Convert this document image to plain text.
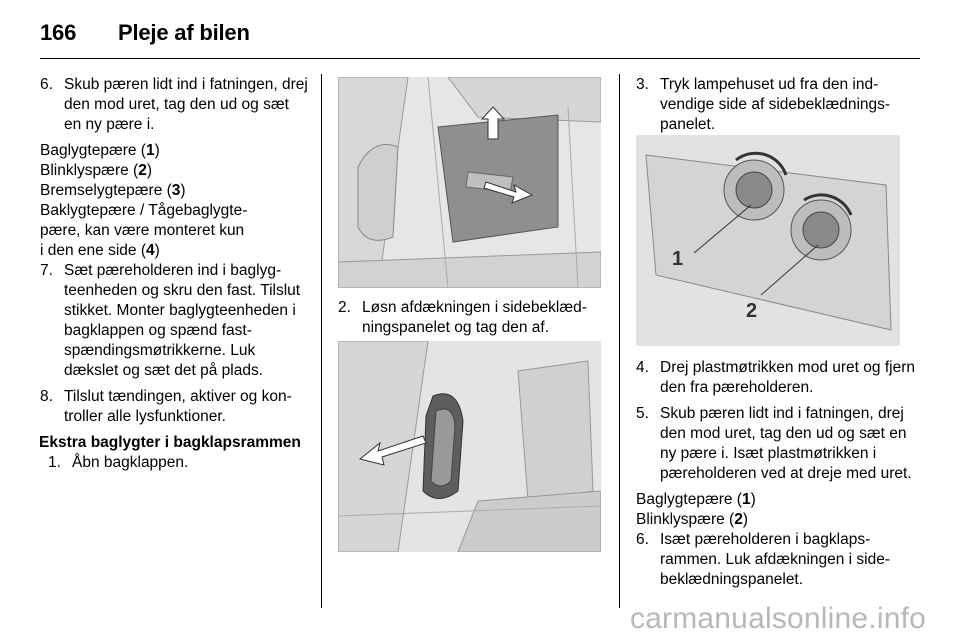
166 Pleje af bilen
6. Skub pæren lidt ind i fatningen, drej den mod uret, tag den ud og sæt en ny pære i.

Baglygtepære (1)

Blinklyspære (2)

Bremselygtepære (3)

Baklygtepære / Tågebaglygtepære, kan være monteret kun i den ene side (4)

7. Sæt pæreholderen ind i baglygteenheden og skru den fast. Tilslut stikket. Monter baglygteenheden i bagklappen og spænd fastspændingsmøtrikkerne. Luk dækslet og sæt det på plads.
8. Tilslut tændingen, aktiver og kontroller alle lysfunktioner.

Ekstra baglygter i bagklapsrammen

1. Åbn bagklappen.
2. Løsn afdækningen i sidebeklædningspanelet og tag den af.
3. Tryk lampehuset ud fra den indvendige side af sidebeklædningspanelet.
1
2
4. Drej plastmøtrikken mod uret og fjern den fra pæreholderen.
5. Skub pæren lidt ind i fatningen, drej den mod uret, tag den ud og sæt en ny pære i. Isæt plastmøtrikken i pæreholderen ved at dreje med uret.

Baglygtepære (1)

Blinklyspære (2)

6. Isæt pæreholderen i bagklapsrammen. Luk afdækningen i sidebeklædningspanelet.
carmanualsonline.info
